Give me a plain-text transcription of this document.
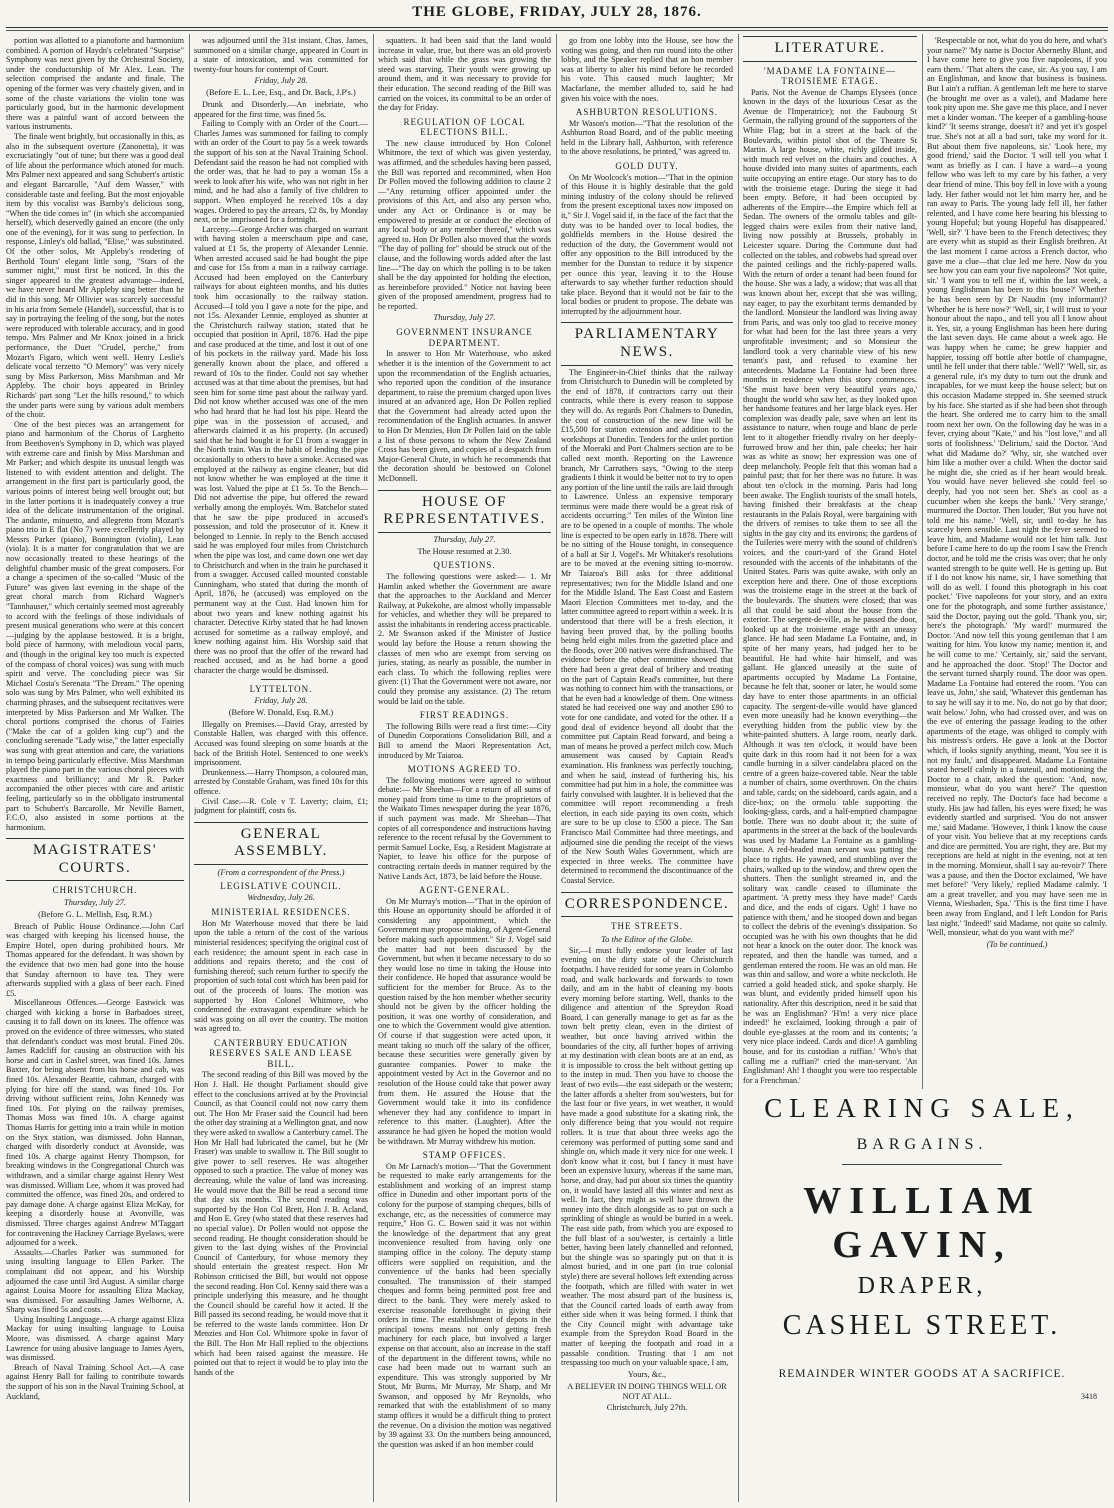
THE GLOBE, FRIDAY, JULY 28, 1876.

portion was allotted to a pianoforte and harmonium combined. A portion of Haydn's celebrated "Surprise" Symphony was next given by the Orchestral Society, under the conductorship of Mr Alex. Lean. The selection comprised the andante and finale. The opening of the former was very chastely given, and in some of the chaste variations the violin tone was particularly good, but in the harmonic development there was a painful want of accord between the various instruments.

The finale went brightly, but occasionally in this, as also in the subsequent overture (Zanonetta), it was excruciatingly "out of tune; but there was a good deal of life about the performance which atoned for much. Mrs Palmer next appeared and sang Schubert's artistic and elegant Barcarolle, "Auf dem Wasser," with considerable taste and feeling. But the most enjoyable item by this vocalist was Barnby's delicious song, "When the tide comes in" (in which she accompanied herself), which deservedly gained an encore (the only one of the evening), for it was sung to perfection. In response, Linley's old ballad, "Elise," was substituted. Of the other solos, Mr Appleby's rendering of Berthold Tours' elegant little song, "Stars of the summer night," must first be noticed. In this the singer appeared to the greatest advantage—indeed, we have never heard Mr Appleby sing better than he did in this song. Mr Ollivier was scarcely successful in his aria from Semele (Handel), successful, that is to say in portraying the feeling of the song, but the notes were reproduced with tolerable accuracy, and in good tempo. Mrs Palmer and Mr Knox joined in a brick performance, the Duet "Crudel, perche," from Mozart's Figaro, which went well. Henry Leslie's delicate vocal terzetto "O Memory" was very nicely sung by Miss Parkerson, Miss Marshman and Mr Appleby. The choir boys appeared in Brinley Richards' part song "Let the hills resound," to which the under parts were sung by various adult members of the choir.

One of the best pieces was an arrangement for piano and harmonium of the Chorus of Larghetto from Beethoven's Symphony in D, which was played with extreme care and finish by Miss Marshman and Mr Parker; and which despite its unusual length was listened to with evident attention and delight. The arrangement in the first part is particularly good, the various points of interest being well brought out; but in the latter portions it is inadequately convey a true idea of the delicate instrumentation of the original. The andante, minuetto, and allegretto from Mozart's piano trio in E flat (No 7) were excellently played by Messrs Parker (piano), Bonnington (violin), Lean (viola). It is a matter for congratulation that we are now occasionally treated to these hearings of the delightful chamber music of the great composers. For a change a specimen of the so-called "Music of the Future" was given last evening in the shape of the great choral march from Richard Wagner's "Tannhauser," which certainly seemed most agreeably to accord with the feelings of those individuals of present musical generations who were at this concert—judging by the applause bestowed. It is a bright, bold piece of harmony, with melodious vocal parts, and (though in the original key too much is expected of the compass of choral voices) was sung with much spirit and verve. The concluding piece was Sir Michael Costa's Serenata "The Dream." The opening solo was sung by Mrs Palmer, who well exhibited its charming phrases, and the subsequent recitatives were interpreted by Miss Parkerson and Mr Walker. The choral portions comprised the chorus of Fairies ("Make the car of a golden king cup") and the concluding serenade "Lady wise," the latter especially was sung with great attention and care, the variations in tempo being particularly effective. Miss Marshman played the piano part in the various choral pieces with exactness and brilliancy; and Mr R. Parker accompanied the other pieces with care and artistic feeling, particularly so in the obbligato instrumental part to Schubert's Barcarolle. Mr Neville Barnett, F.C.O, also assisted in some portions at the harmonium.

MAGISTRATES' COURTS.
CHRISTCHURCH.
Thursday, July 27.
(Before G. L. Mellish, Esq, R.M.)

Breach of Public House Ordinance.—John Carl was charged with keeping his licensed house, the Empire Hotel, open during prohibited hours. Mr Thomas appeared for the defendant. It was shown by the evidence that two men had gone into the house that Sunday afternoon to have tea. They were afterwards supplied with a glass of beer each. Fined £5.

Miscellaneous Offences.—George Eastwick was charged with kicking a horse in Barbadoes street, causing it to fall down on its knees. The offence was proved on the evidence of three witnesses, who stated that defendant's conduct was most brutal. Fined 20s. James Radcliff for causing an obstruction with his horse and cart in Cashel street, was fined 10s. James Baxter, for being absent from his horse and cab, was fined 10s. Alexander Beattie, cabman, charged with plying for hire off the stand, was fined 10s. For driving without sufficient reins, John Kennedy was fined 10s. For plying on the railway premises, Thomas Moss was fined 10s. A charge against Thomas Harris for getting into a train while in motion on the Styx station, was dismissed. John Hannan, charged with disorderly conduct at Avonside, was fined 10s. A charge against Henry Thompson, for breaking windows in the Congregational Church was withdrawn, and a similar charge against Henry West was dismissed. William Lee, whom it was proved had committed the offence, was fined 20s, and ordered to pay damage done. A charge against Eliza McKay, for keeping a disorderly house at Avonville, was dismissed. Three charges against Andrew M'Taggart for contravening the Hackney Carriage Byelaws, were adjourned for a week.

Assaults.—Charles Parker was summoned for using insulting language to Ellen Parker. The complainant did not appear, and his Worship adjourned the case until 3rd August. A similar charge against Louisa Moore for assaulting Eliza Mackay, was dismissed. For assaulting James Welborne, A. Sharp was fined 5s and costs.

Using Insulting Language.—A charge against Eliza Mackay for using insulting language to Louisa Moore, was dismissed. A charge against Mary Lawrence for using abusive language to James Ayers, was dismissed.

Breach of Naval Training School Act.—A case against Henry Ball for failing to contribute towards the support of his son in the Naval Training School, at Auckland,

was adjourned until the 31st instant. Chas. James, summoned on a similar charge, appeared in Court in a state of intoxication, and was committed for twenty-four hours for contempt of Court.

Friday, July 28.
(Before E. L. Lee, Esq., and Dr. Back, J.P's.)

Drunk and Disorderly.—An inebriate, who appeared for the first time, was fined 5s.

Failing to Comply with an Order of the Court.—Charles James was summoned for failing to comply with an order of the Court to pay 5s a week towards the support of his son at the Naval Training School. Defendant said the reason he had not complied with the order was, that he had to pay a woman 15s a week to look after his wife, who was not right in her mind, and he had also a family of five children to support. When employed he received 10s a day wages. Ordered to pay the arrears, £2 8s, by Monday next, or be imprisoned for a fortnight.

Larceny.—George Archer was charged on warrant with having stolen a meerschaum pipe and case, valued at £1 5s, the property of Alexander Lennie. When arrested accused said he had bought the pipe and case for 15s from a man in a railway carriage. Accused had been employed on the Canterbury railways for about eighteen months, and his duties took him occasionally to the railway station. Accused—I told you I gave a note for the pipe, and not 15s. Alexander Lennie, employed as shunter at the Christchurch railway station, stated that he occupied that position in April, 1876. Had the pipe and case produced at the time, and lost it out of one of his pockets in the railway yard. Made his loss generally known about the place, and offered a reward of 10s to the finder. Could not say whether accused was at that time about the premises, but had seen him for some time past about the railway yard. Did not know whether accused was one of the men who had heard that he had lost his pipe. Heard the pipe was in the possession of accused, and afterwards claimed it as his property. (In accused) said that he had bought it for £1 from a swagger in the North train. Was in the habit of lending the pipe occasionally to others to have a smoke. Accused was employed at the railway as engine cleaner, but did not know whether he was employed at the time it was lost. Valued the pipe at £1 5s. To the Bench—Did not advertise the pipe, but offered the reward verbally among the employés. Wm. Batchelor stated that he saw the pipe produced in accused's possession, and told the prosecutor of it. Knew it belonged to Lennie. In reply to the Bench accused said he was employed four miles from Christchurch when the pipe was lost, and came down one wet day to Christchurch and when in the train he purchased it from a swagger. Accused called mounted constable Cunningham, who stated that during the month of April, 1876, he (accused) was employed on the permanent way at the Cust. Had known him for about two years and knew nothing against his character. Detective Kirby stated that he had known accused for sometime as a railway employé, and knew nothing against him. His Worship said that there was no proof that the offer of the reward had reached accused, and as he had borne a good character the charge would be dismissed.

LYTTELTON.
Friday, July 28.
(Before W. Donald, Esq. R.M.)

Illegally on Premises.—David Gray, arrested by Constable Hallen, was charged with this offence. Accused was found sleeping on some boards at the back of the British Hotel. Sentenced to one week's imprisonment.

Drunkenness.—Harry Thompson, a coloured man, arrested by Constable Graham, was fined 10s for this offence.

Civil Case.—R. Cole v T. Laverty; claim, £1; judgment for plaintiff, costs 6s.

GENERAL ASSEMBLY.
(From a correspondent of the Press.)
LEGISLATIVE COUNCIL.
Wednesday, July 26.
MINISTERIAL RESIDENCES.

Hon Mr Waterhouse moved that there be laid upon the table a return of the cost of the various ministerial residences; specifying the original cost of each residence; the amount spent in each case in additions and repairs thereto; and the cost of furnishing thereof; such return further to specify the proportion of such total cost which has been paid for out of the proceeds of loans. The motion was supported by Hon Colonel Whitmore, who condemned the extravagant expenditure which he said was going on all over the country. The motion was agreed to.

CANTERBURY EDUCATION RESERVES SALE AND LEASE BILL.

The second reading of this Bill was moved by the Hon J. Hall. He thought Parliament should give effect to the conclusions arrived at by the Provincial Council, as that Council could not now carry them out. The Hon Mr Fraser said the Council had been the other day straining at a Wellington gnat, and now they were asked to swallow a Canterbury camel. The Hon Mr Hall had lubricated the camel, but he (Mr Fraser) was unable to swallow it. The Bill sought to give power to sell reserves. He was altogether opposed to such a practice. The value of money was decreasing, while the value of land was increasing. He would move that the Bill be read a second time that day six months. The second reading was supported by the Hon Col Brett, Hon J. B. Acland, and Hon E. Grey (who stated that these reserves had no special value). Dr Pollen would not oppose the second reading. He thought consideration should be given to the last dying wishes of the Provincial Council of Canterbury, for whose memory they should entertain the greatest respect. Hon Mr Robinson criticised the Bill, but would not oppose the second reading. Hon Col. Kenny said there was a principle underlying this measure, and he thought the Council should be careful how it acted. If the Bill passed its second reading, he would move that it be referred to the waste lands committee. Hon Dr Menzies and Hon Col. Whitmore spoke in favor of the Bill. The Hon Mr Hall replied to the objections which had been raised against the measure. He pointed out that to reject it would be to play into the hands of the

squatters. It had been said that the land would increase in value, true, but there was an old proverb which said that while the grass was growing the steed was starving. Their youth were growing up around them, and it was necessary to provide for their education. The second reading of the Bill was carried on the voices, its committal to be an order of the day for Friday.

REGULATION OF LOCAL ELECTIONS BILL.

The new clause introduced by Hon Colonel Whitmore, the text of which was given yesterday, was affirmed, and the schedules having been passed, the Bill was reported and recommitted, when Hon Dr Pollen moved the following addition to clause 2—"Any returning officer appointed under the provisions of this Act, and also any person who, under any Act or Ordinance is or may be empowered to preside at or conduct the election of any local body or any member thereof," which was agreed to. Hon Dr Pollen also moved that the words "The day of polling for" should be struck out of the clause, and the following words added after the last line—"The day on which the polling is to be taken shall be the day appointed for holding the election, as hereinbefore provided." Notice not having been given of the proposed amendment, progress had to be reported.

Thursday, July 27.
GOVERNMENT INSURANCE DEPARTMENT.

In answer to Hon Mr Waterhouse, who asked whether it is the intention of the Government to act upon the recommendation of the English actuaries, who reported upon the condition of the insurance department, to raise the premium charged upon lives insured at an advanced age, Hon Dr Pollen replied that the Government had already acted upon the recommendation of the English actuaries. In answer to Hon Dr Menzies, Hon Dr Pollen laid on the table a list of those persons to whom the New Zealand Cross has been given, and copies of a despatch from Major-General Chute, in which he recommends that the decoration should be bestowed on Colonel McDonnell.

HOUSE OF REPRESENTATIVES.
Thursday, July 27.
The House resumed at 2.30.
QUESTIONS.

The following questions were asked:— 1. Mr Hamlin asked whether the Government are aware that the approaches to the Auckland and Mercer Railway, at Pukekohe, are almost wholly impassable for vehicles, and whether they will be prepared to assist the inhabitants in rendering access practicable. 2. Mr Swanson asked if the Minister of Justice would lay before the House a return showing the classes of men who are exempt from serving on juries, stating, as nearly as possible, the number in each class. To which the following replies were given: (1) That the Government were not aware, nor could they promise any assistance. (2) The return would be laid on the table.

FIRST READINGS.

The following Bills were read a first time:—City of Dunedin Corporations Consolidation Bill, and a Bill to amend the Maori Representation Act, introduced by Mr Taiaroa.

MOTIONS AGREED TO.

The following motions were agreed to without debate:— Mr Sheehan—For a return of all sums of money paid from time to time to the proprietors of the Waikato Times newspaper during the year 1876, if such payment was made. Mr Sheehan—That copies of all correspondence and instructions having reference to the recent refusal by the Government to permit Samuel Locke, Esq, a Resident Magistrate at Napier, to leave his office for the purpose of contracting certain deeds in manner required by the Native Lands Act, 1873, be laid before the House.

AGENT-GENERAL.

On Mr Murray's motion—"That in the opinion of this House an opportunity should be afforded it of considering any appointment, which the Government may propose making, of Agent-General before making such appointment." Sir J. Vogel said the matter had not been discussed by the Government, but when it became necessary to do so they would lose no time in taking the House into their confidence. He hoped that assurance would be sufficient for the member for Bruce. As to the question raised by the hon member whether security should not be given by the officer holding the position, it was one worthy of consideration, and one to which the Government would give attention. Of course if that suggestion were acted upon, it meant taking so much off the salary of the officer, because these securities were generally given by guarantee companies. Power to make the appointment vested by Act in the Governor and no resolution of the House could take that power away from them. He assured the House that the Government would take it into its confidence whenever they had any confidence to impart in reference to this matter. (Laughter). After the assurance he had given he hoped the motion would be withdrawn. Mr Murray withdrew his motion.

STAMP OFFICES.

On Mr Larnach's motion—"That the Government be requested to make early arrangements for the establishment and working of an imprest stamp office in Dunedin and other important ports of the colony for the purpose of stamping cheques, bills of exchange, etc, as the necessities of commerce may require," Hon G. C. Bowen said it was not within the knowledge of the department that any great inconvenience resulted from having only one stamping office in the colony. The deputy stamp officers were supplied on requisition, and the convenience of the banks had been specially consulted. The transmission of their stamped cheques and forms being permitted post free and direct to the bank. They were merely asked to exercise reasonable forethought in giving their orders in time. The establishment of depots in the principal towns means not only getting fresh machinery for each place, but involved a larger expense on that account, also an increase in the staff of the department in the different towns, while no case had been made out to warrant such an expenditure. This was strongly supported by Mr Stout, Mr Burns, Mr Murray, Mr Sharp, and Mr Swanson, and opposed by Mr Reynolds, who remarked that with the establishment of so many stamp offices it would be a difficult thing to protect the revenue. On a division the motion was negatived by 39 against 33. On the numbers being announced, the question was asked if an hon member could

go from one lobby into the House, see how the voting was going, and then run round into the other lobby, and the Speaker replied that an hon member was at liberty to alter his mind before he recorded his vote. This caused much laughter; Mr Macfarlane, the member alluded to, said he had given his voice with the noes.

ASHBURTON RESOLUTIONS.

Mr Wason's motion—"That the resolution of the Ashburton Road Board, and of the public meeting held in the Library hall, Ashburton, with reference to the above resolutions, be printed," was agreed to.

GOLD DUTY.

On Mr Woolcock's motion—"That in the opinion of this House it is highly desirable that the gold mining industry of the colony should be relieved from the present exceptional taxes now imposed on it," Sir J. Vogel said if, in the face of the fact that the duty was to be handed over to local bodies, the goldfields members in the House desired the reduction of the duty, the Government would not offer any opposition to the Bill introduced by the member for the Dunstan to reduce it by sixpence per ounce this year, leaving it to the House afterwards to say whether further reduction should take place. Beyond that it would not be fair to the local bodies or prudent to propose. The debate was interrupted by the adjournment hour.

PARLIAMENTARY NEWS.

The Engineer-in-Chief thinks that the railway from Christchurch to Dunedin will be completed by the end of 1878, if contractors carry out their contracts, while there is every reason to suppose they will do. As regards Port Chalmers to Dunedin, the cost of construction of the new line will be £15,500 for station extension and addition to the workshops at Dunedin. Tenders for the unlet portion of the Moeraki and Port Chalmers section are to be called next month. Reporting on the Lawrence branch, Mr Carruthers says, "Owing to the steep gradients I think it would be better not to try to open any portion of the line until the rails are laid through to Lawrence. Unless an expensive temporary terminus were made there would be a great risk of accidents occurring." Ten miles of the Winton line are to be opened in a couple of months. The whole line is expected to be open early in 1878. There will be no sitting of the House tonight, in consequence of a ball at Sir J. Vogel's. Mr Whitaker's resolutions are to be moved at the evening sitting to-morrow. Mr Taiaroa's Bill asks for three additional representatives; two for the Middle Island and one for the Middle Island. The East Coast and Eastern Maori Election Committees met to-day, and the latter committee agreed to report within a week. It is understood that there will be a fresh election, it having been proved that, by the polling booths being held eight miles from the gazetted place and the floods, over 200 natives were disfranchised. The evidence before the other committee showed that there had been a great deal of bribery and treating on the part of Captain Read's committee, but there was nothing to connect him with the transactions, or that he even had a knowledge of them. One witness stated he had received one way and another £90 to vote for one candidate, and voted for the other. If a good deal of evidence beyond all doubt that the committee put Captain Read forward, and being a man of means he proved a perfect milch cow. Much amusement was caused by Captain Read's examination. His frankness was perfectly touching, and when he said, instead of furthering his, his committee had put him in a hole, the committee was fairly convulsed with laughter. It is believed that the committee will report recommending a fresh election, in each side paying its own costs, which are sure to be up close to £500 a piece. The San Francisco Mail Committee had three meetings, and adjourned sine die pending the receipt of the views of the New South Wales Government, which are expected in three weeks. The committee have determined to recommend the discontinuance of the Coastal Service.

CORRESPONDENCE.
THE STREETS.
To the Editor of the Globe.

Sir,—I must fully endorse your leader of last evening on the dirty state of the Christchurch footpaths. I have resided for some years in Colombo road, and walk backwards and forwards to town daily, and am in the habit of cleaning my boots every morning before starting. Well, thanks to the diligence and attention of the Spreydon Road Board, I can generally manage to get as far as the town belt pretty clean, even in the dirtiest of weather, but once having arrived within the boundaries of the city, all further hopes of arriving at my destination with clean boots are at an end, as it is impossible to cross the belt without getting up to the instep in mud. Then you have to choose the least of two evils—the east sidepath or the western; the latter affords a shelter from sou'westers, but for the last four or five years, in wet weather, it would have made a good substitute for a skating rink, the only difference being that you would not require rollers. It is true that about three weeks ago the ceremony was performed of putting some sand and shingle on, which made it very nice for one week. I don't know what it cost, but I fancy it must have been an expensive luxury, whereas if the same man, horse, and dray, had put about six times the quantity on, it would have lasted all this winter and next as well. In fact, they might as well have thrown the money into the ditch alongside as to put on such a sprinkling of shingle as would be buried in a week. The east side path, from which you are exposed to the full blast of a sou'wester, is certainly a little better, having been lately channelled and reformed, but the shingle was so sparingly put on that it is almost buried, and in one part (in true colonial style) there are several hollows left extending across the footpath, which are filled with water in wet weather. The most absurd part of the business is, that the Council carted loads of earth away from either side when it was being formed. I think that the City Council might with advantage take example from the Spreydon Road Board in the matter of keeping the footpath and road in a passable condition. Trusting that I am not trespassing too much on your valuable space, I am,

Yours, &c.,
A BELIEVER IN DOING THINGS WELL OR NOT AT ALL.
Christchurch, July 27th.
LITERATURE.
'MADAME LA FONTAINE—TROISIEME ETAGE.

Paris. Not the Avenue de Champs Elysees (once known in the days of the luxurious Cesar as the Avenue de l'Imperatrice); not the Faubourg St Germain, the rallying ground of the supporters of the White Flag; but in a street at the back of the Boulevards, within pistol shot of the Theatre St Martin. A large house, white, richly gilded inside, with much red velvet on the chairs and couches. A house divided into many suites of apartments, each suite occupying an entire etage. Our story has to do with the troisieme etage. During the siege it had been empty. Before, it had been occupied by adherents of the Empire—the Empire which fell at Sedan. The owners of the ormolu tables and gilt-legged chairs were exiles from their native land, living now possibly at Brussels, probably in Leicester square. During the Commune dust had collected on the tables, and cobwebs had spread over the painted ceilings and the richly-papered walls. With the return of order a tenant had been found for the house. She was a lady, a widow; that was all that was known about her, except that she was willing, nay eager, to pay the exorbitant terms demanded by the landlord. Monsieur the landlord was living away from Paris, and was only too glad to receive money for what had been for the last three years a very unprofitable investment; and so Monsieur the landlord took a very charitable view of his new tenant's past, and refused to examine her antecedents. Madame La Fontaine had been three months in residence when this story commences. 'She must have been very beautiful years ago,' thought the world who saw her, as they looked upon her handsome features and her large black eyes. Her complexion was deadly pale, save when art lent its assistance to nature, when rouge and blanc de perle lent to it altogether friendly rivalry on her deeply-furrowed brow and her thin, pale cheeks; her hair was as white as snow; her expression was one of deep melancholy. People felt that this woman had a painful past; that for her there was no future. It was about ten o'clock in the morning. Paris had long been awake. The English tourists of the small hotels, having finished their breakfasts at the cheap restaurants in the Palais Royal, were bargaining with the drivers of remises to take them to see all the sights in the gay city and its environs; the gardens of the Tuileries were merry with the sound of children's voices, and the court-yard of the Grand Hotel resounded with the accents of the inhabitants of the United States. Paris was quite awake, with only an exception here and there. One of those exceptions was the troisieme etage in the street at the back of the boulevards. The shutters were closed; that was all that could be said about the house from the exterior. The sergent-de-ville, as he passed the door, looked up at the troisieme etage with an uneasy glance. He had seen Madame La Fontaine, and, in spite of her many years, had judged her to be beautiful. He had white hair himself, and was gallant. He glanced uneasily at the suite of apartments occupied by Madame La Fontaine, because he felt that, sooner or later, he would some day have to enter those apartments in an official capacity. The sergent-de-ville would have glanced even more uneasily had he known everything—the everything hidden from the public view by the white-painted shutters. A large room, nearly dark. Although it was ten o'clock, it would have been quite dark in this room had it not been for a wax candle burning in a silver candelabra placed on the centre of a green baize-covered table. Near the table a number of chairs, some overthrown. On the chairs and table, cards; on the sideboard, cards again, and a dice-box; on the ormolu table supporting the looking-glass, cards, and a half-emptied champagne bottle. There was no doubt about it; the suite of apartments in the street at the back of the boulevards was used by Madame La Fontaine as a gambling-house. A red-headed man servant was putting the place to rights. He yawned, and stumbling over the chairs, walked up to the window, and threw open the shutters. Then the sunlight streamed in, and the solitary wax candle ceased to illuminate the apartment. 'A pretty mess they have made!' Cards and dice, and the ends of cigars. Ugh! I have no patience with them,' and he stooped down and began to collect the debris of the evening's dissipation. So occupied was he with his own thoughts that he did not hear a knock on the outer door. The knock was repeated, and then the handle was turned, and a gentleman entered the room. He was an old man. He was thin and sallow, and wore a white neckcloth. He carried a gold headed stick, and spoke sharply. He was blunt, and evidently prided himself upon his nationality. After this description, need it be said that he was an Englishman? 'H'm! a very nice place indeed!' he exclaimed, looking through a pair of double eye-glasses at the room and its contents; 'a very nice place indeed. Cards and dice! A gambling house, and for its custodian a ruffian.' 'Who's that calling me a ruffian?' cried the man-servant. 'An Englishman! Ah! I thought you were too respectable for a Frenchman.'

'Respectable or not, what do you do here, and what's your name?' 'My name is Doctor Abernethy Blunt, and I have come here to give you five napoleons, if you earn them.' 'That alters the case, sir. As you say, I am an Englishman, and know that business is business. But I ain't a ruffian. A gentleman left me here to starve (he brought me over as a valet), and Madame here took pity upon me. She gave me this place, and I never met a kinder woman. 'The keeper of a gambling-house kind?' 'It seems strange, doesn't it? and yet it's gospel true. She's not at all a bad sort, take my word for it. But about them five napoleons, sir.' 'Look here, my good friend,' said the Doctor. 'I will tell you what I want as briefly as I can. I have a ward—a young fellow who was left to my care by his father, a very dear friend of mine. This boy fell in love with a young lady. Her father would not let him marry her, and he ran away to Paris. The young lady fell ill, her father relented, and I have come here bearing his blessing to young Hopeful; but young Hopeful has disappeared.' 'Well, sir?' 'I have been to the French detectives; they are every whit as stupid as their English brethren. At the last moment I came across a French doctor, who gave me a clue—that clue led me here. Now do you see how you can earn your five napoleons?' 'Not quite, sir.' 'I want you to tell me if, within the last week, a young Englishman has been to this house?' Whether he has been seen by Dr Naudin (my informant)? Whether he is here now?' 'Well, sir, I will trust to your honour about the napo., and tell you all I know about it. Yes, sir, a young Englishman has been here during the last seven days. He came about a week ago. He was happy when he came; he grew happier and happier, tossing off bottle after bottle of champagne, until he fell under that there table.' 'Well?' 'Well, sir, as a general rule, it's my duty to turn out the drunk and incapables, for we must keep the house select; but on this occasion Madame stepped in. She seemed struck by his face. She started as if she had been shot through the heart. She ordered me to carry him to the small room next her own. On the following day he was in a fever, crying about "Kate," and his "lost love," and all sorts of foolishness.' 'Delirium,' said the Doctor. 'And what did Madame do?' 'Why, sir, she watched over him like a mother over a child. When the doctor said he might die, she cried as if her heart would break. You would have never believed she could feel so deeply, had you not seen her. She's as cool as a cucumber when she keeps the bank.' 'Very strange,' murmured the Doctor. Then louder, 'But you have not told me his name.' 'Well, sir, until to-day he has scarcely been sensible. Last night the fever seemed to leave him, and Madame would not let him talk. Just before I came here to do up the room I saw the French doctor, and he told me the crisis was over; that he only wanted strength to be quite well. He is getting up. But if I do not know his name, sir, I have something that will do as well. I found this photograph in his coat pocket.' 'Five napoleons for your story, and an extra one for the photograph, and some further assistance,' said the Doctor, paying out the gold. 'Thank you, sir; here's the photograph.' 'My ward!' murmured the Doctor. 'And now tell this young gentleman that I am waiting for him. You know my name; mention it, and he will come to me.' 'Certainly, sir,' said the servant, and he approached the door. 'Stop!' The Doctor and the servant turned sharply round. The door was open. Madame La Fontaine had entered the room. 'You can leave us, John,' she said, 'Whatever this gentleman has to say he will say it to me. No, do not go by that door; wait below.' John, who had crossed over, and was on the eve of entering the passage leading to the other apartments of the etage, was obliged to comply with his mistress's orders. He gave a look at the Doctor which, if looks signify anything, meant, 'You see it is not my fault,' and disappeared. Madame La Fontaine seated herself calmly in a fauteuil, and motioning the Doctor to a chair, asked the question: 'And, now, monsieur, what do you want here?' The question received no reply. The Doctor's face had become a study. His jaw had fallen, his eyes were fixed; he was evidently startled and surprised. 'You do not answer me,' said Madame. 'However, I think I know the cause of your visit. You believe that at my receptions cards and dice are permitted. You are right, they are. But my receptions are held at night in the evening, not at ten in the morning. Monsieur, shall I say au-revoir?' There was a pause, and then the Doctor exclaimed, 'We have met before!' 'Very likely,' replied Madame calmly. 'I am a great traveller, and you may have seen me in Vienna, Wiesbaden, Spa.' 'This is the first time I have been away from England, and I left London for Paris last night.' 'Indeed!' said Madame, not quite so calmly. 'Well, monsieur, what do you want with me?'

(To be continued.)
CLEARING SALE,
BARGAINS.
WILLIAM GAVIN,
DRAPER,
CASHEL STREET.
REMAINDER WINTER GOODS AT A SACRIFICE.
3418
